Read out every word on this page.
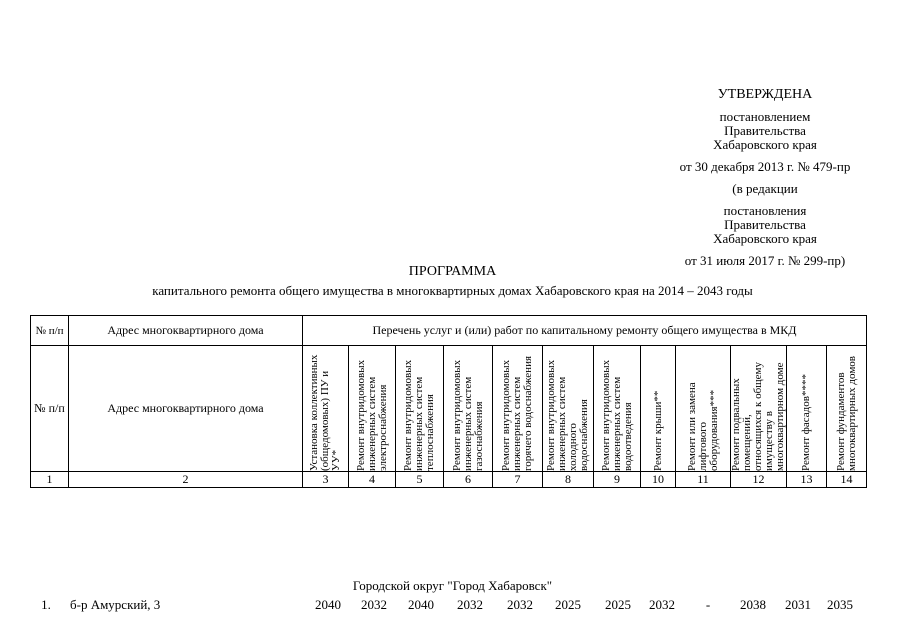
УТВЕРЖДЕНА
постановлением
Правительства
Хабаровского края
от 30 декабря 2013 г. № 479-пр
(в редакции
постановления
Правительства
Хабаровского края
от 31 июля 2017 г. № 299-пр)
ПРОГРАММА
капитального ремонта общего имущества в многоквартирных домах Хабаровского края на 2014 – 2043 годы
№ п/п	Адрес многоквартирного дома	Перечень услуг и (или) работ по капитальному ремонту общего имущества в МКД											
№ п/п	Адрес многоквартирного дома	Установка коллективных (общедомовых) ПУ и УУ*	Ремонт внутридомовых инженерных систем электроснабжения	Ремонт внутридомовых инженерных систем теплоснабжения	Ремонт внутридомовых инженерных систем газоснабжения	Ремонт внутридомовых инженерных систем горячего водоснабжения	Ремонт внутридомовых инженерных систем холодного водоснабжения	Ремонт внутридомовых инженерных систем водоотведения	Ремонт крыши**	Ремонт или замена лифтового оборудования***	Ремонт подвальных помещений, относящихся к общему имуществу в многоквартирном доме	Ремонт фасадов****	Ремонт фундаментов многоквартирных домов

1	2	3	4	5	6	7	8	9	10	11	12	13	14
Городской округ "Город Хабаровск"
1.	б-р Амурский, 3	2040	2032	2040	2032	2032	2025	2025	2032	-	2038	2031	2035
